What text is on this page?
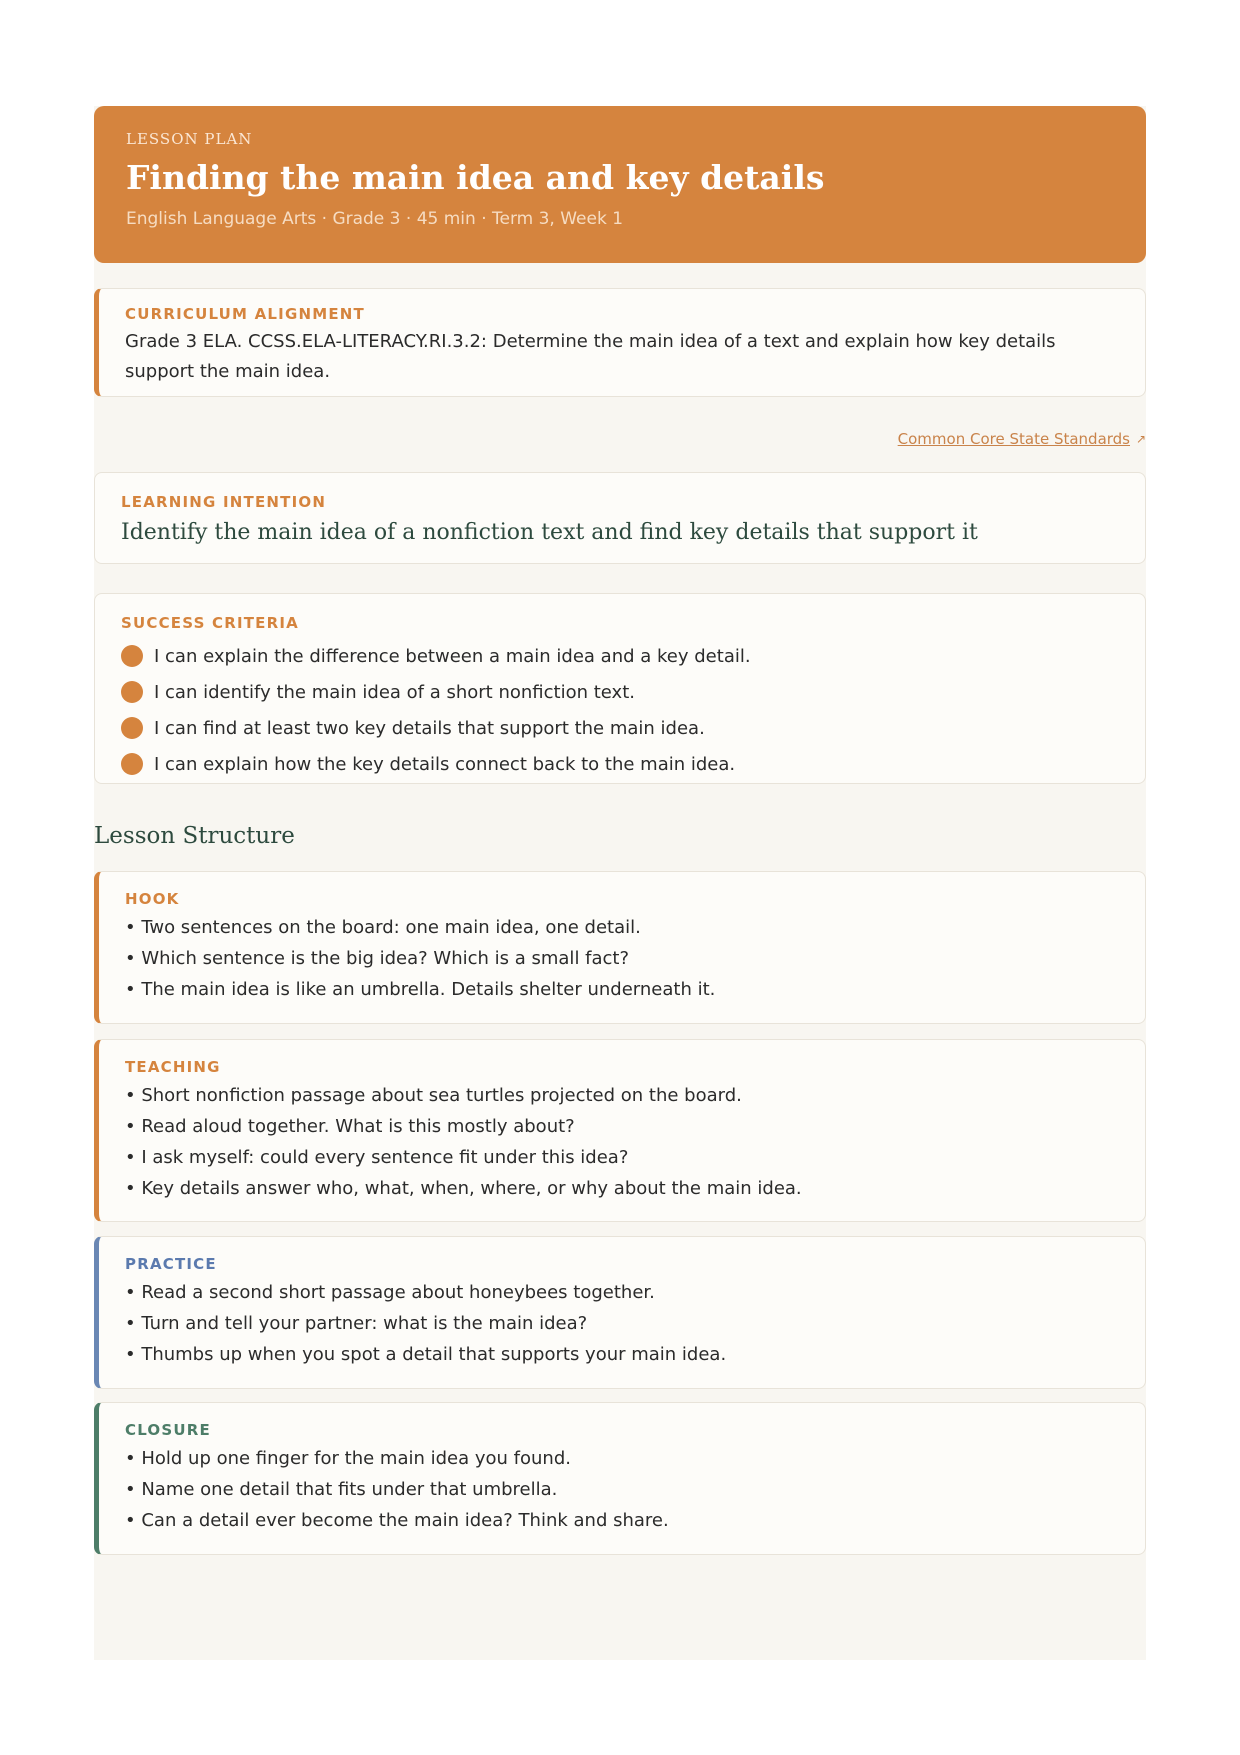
LESSON PLAN
Finding the main idea and key details
English Language Arts · Grade 3 · 45 min · Term 3, Week 1
CURRICULUM ALIGNMENT
Grade 3 ELA. CCSS.ELA-LITERACY.RI.3.2: Determine the main idea of a text and explain how key details support the main idea.
Common Core State Standards ↗
LEARNING INTENTION
Identify the main idea of a nonfiction text and find key details that support it
SUCCESS CRITERIA
I can explain the difference between a main idea and a key detail.
I can identify the main idea of a short nonfiction text.
I can find at least two key details that support the main idea.
I can explain how the key details connect back to the main idea.
Lesson Structure
HOOK
• Two sentences on the board: one main idea, one detail.
• Which sentence is the big idea? Which is a small fact?
• The main idea is like an umbrella. Details shelter underneath it.
TEACHING
• Short nonfiction passage about sea turtles projected on the board.
• Read aloud together. What is this mostly about?
• I ask myself: could every sentence fit under this idea?
• Key details answer who, what, when, where, or why about the main idea.
PRACTICE
• Read a second short passage about honeybees together.
• Turn and tell your partner: what is the main idea?
• Thumbs up when you spot a detail that supports your main idea.
CLOSURE
• Hold up one finger for the main idea you found.
• Name one detail that fits under that umbrella.
• Can a detail ever become the main idea? Think and share.
